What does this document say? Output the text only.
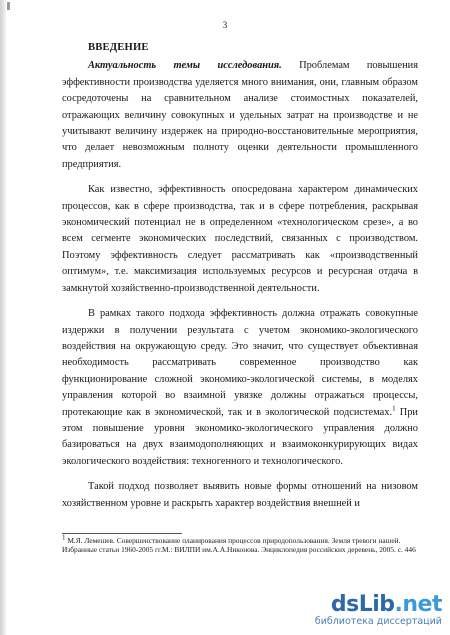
3

ВВЕДЕНИЕ

Актуальность темы исследования. Проблемам повышения эффективности производства уделяется много внимания, они, главным образом сосредоточены на сравнительном анализе стоимостных показателей, отражающих величину совокупных и удельных затрат на производстве и не учитывают величину издержек на природно-восстановительные мероприятия, что делает невозможным полноту оценки деятельности промышленного предприятия.

Как известно, эффективность опосредована характером динамических процессов, как в сфере производства, так и в сфере потребления, раскрывая экономический потенциал не в определенном «технологическом срезе», а во всем сегменте экономических последствий, связанных с производством. Поэтому эффективность следует рассматривать как «производственный оптимум», т.е. максимизация используемых ресурсов и ресурсная отдача в замкнутой хозяйственно-производственной деятельности.

В рамках такого подхода эффективность должна отражать совокупные издержки в получении результата с учетом экономико-экологического воздействия на окружающую среду. Это значит, что существует объективная необходимость рассматривать современное производство как функционирование сложной экономико-экологической системы, в моделях управления которой во взаимной увязке должны отражаться процессы, протекающие как в экономической, так и в экологической подсистемах.$^1$ При этом повышение уровня экономико-экологического управления должно базироваться на двух взаимодополняющих и взаимоконкурирующих видах экологического воздействия: техногенного и технологического.

Такой подход позволяет выявить новые формы отношений на низовом хозяйственном уровне и раскрыть характер воздействия внешней и

$^1$ М.Я. Лемешев. Совершенствование планирования процессов природопользования. Земля тревоги нашей. Избранные статьи 1960-2005 гг.М.: ВИЛПИ им.А.А.Никонова. Энциклопедия российских деревень, 2005. с. 446
dsLib.net
библиотека диссертаций
